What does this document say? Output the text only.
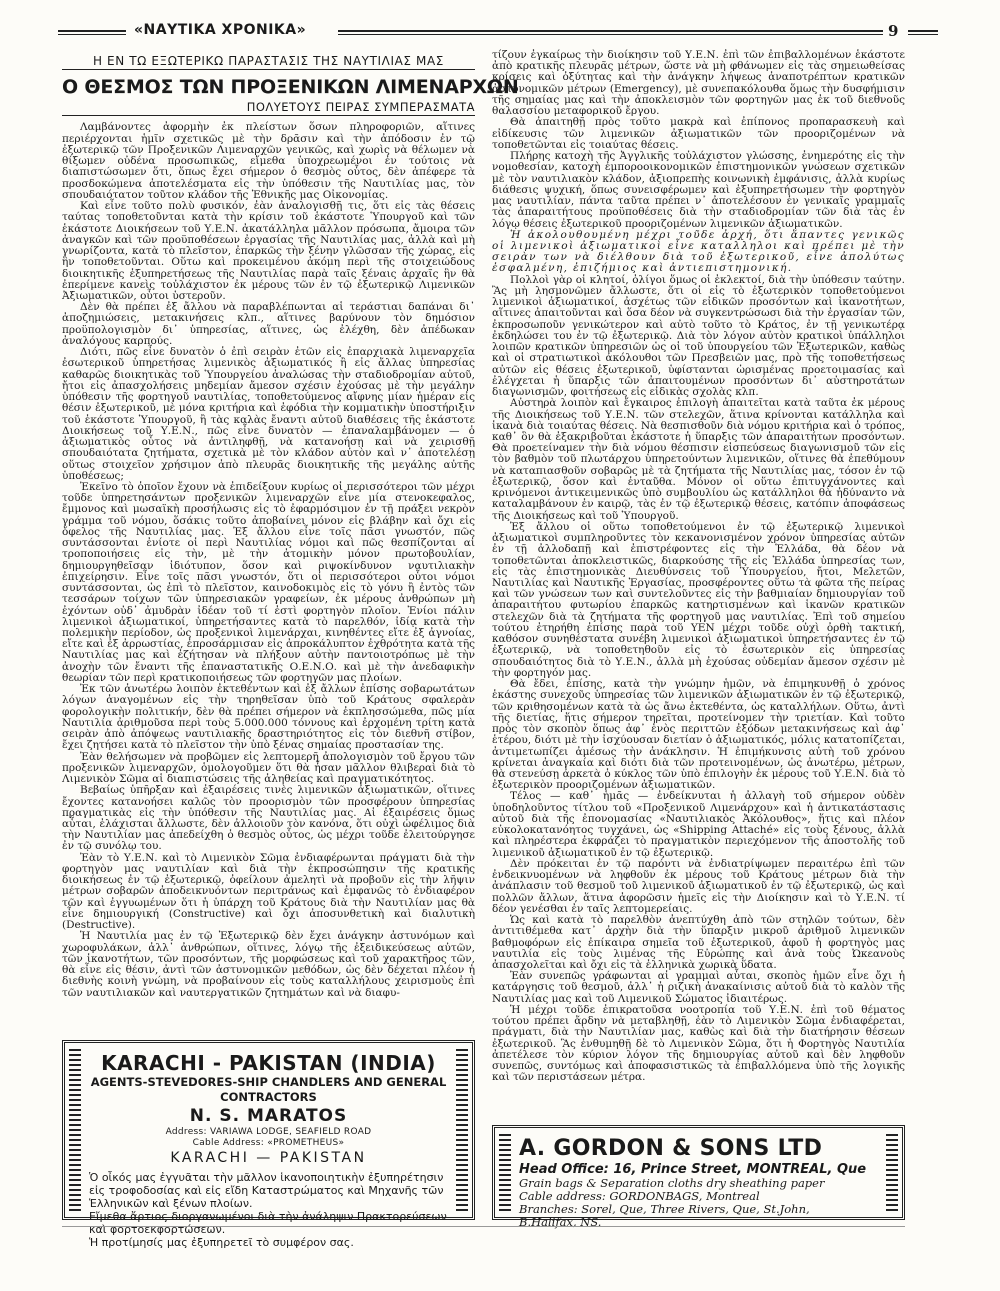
«ΝΑΥΤΙΚΑ ΧΡΟΝΙΚΑ»	9
Η ΕΝ ΤΩ ΕΞΩΤΕΡΙΚΩ ΠΑΡΑΣΤΑΣΙΣ ΤΗΣ ΝΑΥΤΙΛΙΑΣ ΜΑΣ
Ο ΘΕΣΜΟΣ ΤΩΝ ΠΡΟΞΕΝΙΚΩΝ ΛΙΜΕΝΑΡΧΩΝ
ΠΟΛΥΕΤΟΥΣ ΠΕΙΡΑΣ ΣΥΜΠΕΡΑΣΜΑΤΑ

Λαμβάνοντες ἀφορμὴν ἐκ πλείστων ὅσων πληροφοριῶν, αἵτινες περιέρχονται ἡμῖν σχετικῶς μὲ τὴν δρᾶσιν καὶ τὴν ἀπόδοσιν ἐν τῷ ἐξωτερικῷ τῶν Προξενικῶν Λιμεναρχῶν γενικῶς, καὶ χωρὶς νὰ θέλωμεν νὰ θίξωμεν οὐδένα προσωπικῶς, εἴμεθα ὑποχρεωμένοι ἐν τούτοις νὰ διαπιστώσωμεν ὅτι, ὅπως ἔχει σήμερον ὁ θεσμὸς οὗτος, δὲν ἀπέφερε τὰ προσδοκώμενα ἀποτελέσματα εἰς τὴν ὑπόθεσιν τῆς Ναυτιλίας μας, τὸν σπουδαιότατον τοῦτον κλάδον τῆς Ἐθνικῆς μας Οἰκονομίας.

Καὶ εἶνε τοῦτο πολὺ φυσικόν, ἐὰν ἀναλογισθῇ τις, ὅτι εἰς τὰς θέσεις ταύτας τοποθετοῦνται κατὰ τὴν κρίσιν τοῦ ἑκάστοτε Ὑπουργοῦ καὶ τῶν ἑκάστοτε Διοικήσεων τοῦ Υ.Ε.Ν. ἀκατάλληλα μᾶλλον πρόσωπα, ἄμοιρα τῶν ἀναγκῶν καὶ τῶν προϋποθέσεων ἐργασίας τῆς Ναυτιλίας μας, ἀλλὰ καὶ μὴ γνωρίζοντα, κατὰ τὸ πλεῖστον, ἐπαρκῶς τὴν ξένην γλῶσσαν τῆς χώρας, εἰς ἣν τοποθετοῦνται. Οὕτω καὶ προκειμένου ἀκόμη περὶ τῆς στοιχειώδους διοικητικῆς ἐξυπηρετήσεως τῆς Ναυτιλίας παρὰ ταῖς ξέναις ἀρχαῖς ἣν θὰ ἐπερίμενε κανεὶς τοὐλάχιστον ἐκ μέρους τῶν ἐν τῷ ἐξωτερικῷ Λιμενικῶν Ἀξιωματικῶν, οὗτοι ὑστεροῦν.

Δὲν θὰ πρέπει ἐξ ἄλλου νὰ παραβλέπωνται αἱ τεράστιαι δαπάναι δι᾽ ἀποζημιώσεις, μετακινήσεις κλπ., αἵτινες βαρύνουν τὸν δημόσιον προϋπολογισμὸν δι᾽ ὑπηρεσίας, αἵτινες, ὡς ἐλέχθη, δὲν ἀπέδωκαν ἀναλόγους καρπούς.

Διότι, πῶς εἶνε δυνατὸν ὁ ἐπὶ σειρὰν ἐτῶν εἰς ἐπαρχιακὰ λιμεναρχεῖα ἐσωτερικοῦ ὑπηρετήσας λιμενικὸς ἀξιωματικός ἢ εἰς ἄλλας ὑπηρεσίας καθαρῶς διοικητικὰς τοῦ Ὑπουργείου ἀναλώσας τὴν σταδιοδρομίαν αὐτοῦ, ἤτοι εἰς ἀπασχολήσεις μηδεμίαν ἄμεσον σχέσιν ἐχούσας μὲ τὴν μεγάλην ὑπόθεσιν τῆς φορτηγοῦ ναυτιλίας, τοποθετούμενος αἴφνης μίαν ἡμέραν εἰς θέσιν ἐξωτερικοῦ, μὲ μόνα κριτήρια καὶ ἐφόδια τὴν κομματικὴν ὑποστήριξιν τοῦ ἑκάστοτε Ὑπουργοῦ, ἢ τὰς καλὰς ἔναντι αὐτοῦ διαθέσεις τῆς ἑκάστοτε Διοικήσεως τοῦ Υ.Ε.Ν., πῶς εἶνε δυνατὸν — ἐπαναλαμβάνομεν — ὁ ἀξιωματικὸς οὗτος νὰ ἀντιληφθῇ, νὰ κατανοήσῃ καὶ νὰ χειρισθῇ σπουδαιότατα ζητήματα, σχετικὰ μὲ τὸν κλάδον αὐτὸν καὶ ν᾽ ἀποτελέσῃ οὕτως στοιχεῖον χρήσιμον ἀπὸ πλευρᾶς διοικητικῆς τῆς μεγάλης αὐτῆς ὑποθέσεως;

Ἐκεῖνο τὸ ὁποῖον ἔχουν νὰ ἐπιδείξουν κυρίως οἱ περισσότεροι τῶν μέχρι τοῦδε ὑπηρετησάντων προξενικῶν λιμεναρχῶν εἶνε μία στενοκεφαλος, ἔμμονος καὶ μωσαϊκὴ προσήλωσις εἰς τὸ ἐφαρμόσιμον ἐν τῇ πράξει νεκρὸν γράμμα τοῦ νόμου, ὅσάκις τοῦτο ἀποβαίνει μόνον εἰς βλάβην καὶ ὄχι εἰς ὄφελος τῆς Ναυτιλίας μας. Ἐξ ἄλλου εἶνε τοῖς πᾶσι γνωστόν, πῶς συντάσσονται ἐνίοτε οἱ περὶ Ναυτιλίας νόμοι καὶ πῶς θεσπίζονται αἱ τροποποιήσεις εἰς τὴν, μὲ τὴν ἀτομικὴν μόνον πρωτοβουλίαν, δημιουργηθεῖσαν ἰδιότυπον, ὅσον καὶ ριψοκίνδυνον ναυτιλιακὴν ἐπιχείρησιν. Εἶνε τοῖς πᾶσι γνωστόν, ὅτι οἱ περισσότεροι οὗτοι νόμοι συντάσσονται, ὡς ἐπὶ τὸ πλεῖστον, καινοδοκιμὸς εἰς τὸ γόνυ ἢ ἐντὸς τῶν τεσσάρων τοίχων τῶν ὑπηρεσιακῶν γραφείων, ἐκ μέρους ἀνθρώπων μὴ ἐχόντων οὐδ᾽ ἀμυδρὰν ἰδέαν τοῦ τί ἐστὶ φορτηγὸν πλοῖον. Ἐνίοι πάλιν λιμενικοὶ ἀξιωματικοί, ὑπηρετήσαντες κατὰ τὸ παρελθόν, ἰδίᾳ κατὰ τὴν πολεμικὴν περίοδον, ὡς προξενικοὶ λιμενάρχαι, κινηθέντες εἴτε ἐξ ἀγνοίας, εἴτε καὶ ἐξ ἀρρωστίας, ἐπροσάρμισαν εἰς ἀπροκάλυπτον ἐχθρότητα κατὰ τῆς Ναυτιλίας μας καὶ ἐζήτησαν νὰ πλήξουν αὐτὴν παντοιοτρόπως μὲ τὴν ἀνοχὴν τῶν ἔναντι τῆς ἐπαναστατικῆς Ο.Ε.Ν.Ο. καὶ μὲ τὴν ἀνεδαφικὴν θεωρίαν τῶν περὶ κρατικοποιήσεως τῶν φορτηγῶν μας πλοίων.

Ἐκ τῶν ἀνωτέρω λοιπὸν ἐκτεθέντων καὶ ἐξ ἄλλων ἐπίσης σοβαρωτάτων λόγων ἀναγομένων εἰς τὴν τηρηθεῖσαν ὑπὸ τοῦ Κράτους σφαλερὰν φορολογικὴν πολιτικήν, δὲν θὰ πρέπει σήμερον νὰ ἐκπλησσώμεθα, πῶς μία Ναυτιλία ἀριθμοῦσα περὶ τοὺς 5.000.000 τόννους καὶ ἐρχομένη τρίτη κατὰ σειρὰν ἀπὸ ἀπόψεως ναυτιλιακῆς δραστηριότητος εἰς τὸν διεθνῆ στίβον, ἔχει ζητήσει κατὰ τὸ πλεῖστον τὴν ὑπὸ ξένας σημαίας προστασίαν της.

Ἐὰν θελήσωμεν νὰ προβῶμεν εἰς λεπτομερῆ ἀπολογισμὸν τοῦ ἔργου τῶν προξενικῶν λιμεναρχῶν, ὁμολογοῦμεν ὅτι θὰ ἦσαν μᾶλλον θλιβεραὶ διὰ τὸ Λιμενικὸν Σῶμα αἱ διαπιστώσεις τῆς ἀληθείας καὶ πραγματικότητος.

Βεβαίως ὑπῆρξαν καὶ ἐξαιρέσεις τινὲς λιμενικῶν ἀξιωματικῶν, οἵτινες ἔχοντες κατανοήσει καλῶς τὸν προορισμὸν τῶν προσφέρουν ὑπηρεσίας πραγματικὰς εἰς τὴν ὑπόθεσιν τῆς Ναυτιλίας μας. Αἱ ἐξαιρέσεις ὅμως αὗται, ἐλάχισται ἄλλωστε, δὲν ἀλλοιοῦν τὸν κανόνα, ὅτι οὐχὶ ὠφέλιμος διὰ τὴν Ναυτιλίαν μας ἀπεδείχθη ὁ θεσμὸς οὗτος, ὡς μέχρι τοῦδε ἐλειτούργησε ἐν τῷ συνόλῳ του.

Ἐὰν τὸ Υ.Ε.Ν. καὶ τὸ Λιμενικὸν Σῶμα ἐνδιαφέρωνται πράγματι διὰ τὴν φορτηγὸν μας ναυτιλίαν καὶ διὰ τὴν ἐκπροσώπησιν τῆς κρατικῆς διοικήσεως ἐν τῷ ἐξωτερικῷ, ὀφείλουν ἀμελητὶ νὰ προβοῦν εἰς τὴν λῆψιν μέτρων σοβαρῶν ἀποδεικνυόντων περιτράνως καὶ ἐμφανῶς τὸ ἐνδιαφέρον τῶν καὶ ἐγγυωμένων ὅτι ἡ ὑπάρχη τοῦ Κράτους διὰ τὴν Ναυτιλίαν μας θὰ εἶνε δημιουργική (Constructive) καὶ ὄχι ἀποσυνθετικὴ καὶ διαλυτικὴ (Destructive).

Ἡ Ναυτιλία μας ἐν τῷ Ἐξωτερικῷ δὲν ἔχει ἀνάγκην ἀστυνόμων καὶ χωροφυλάκων, ἀλλ᾽ ἀνθρώπων, οἵτινες, λόγῳ τῆς ἐξειδικεύσεως αὐτῶν, τῶν ἱκανοτήτων, τῶν προσόντων, τῆς μορφώσεως καὶ τοῦ χαρακτῆρος τῶν, θὰ εἶνε εἰς θέσιν, ἀντὶ τῶν ἀστυνομικῶν μεθόδων, ὡς δὲν δέχεται πλέον ἡ διεθνὴς κοινὴ γνώμη, νὰ προβαίνουν εἰς τοὺς καταλλήλους χειρισμοὺς ἐπὶ τῶν ναυτιλιακῶν καὶ ναυτεργατικῶν ζητημάτων καὶ νὰ διαφυ-

τίζουν ἐγκαίρως τὴν διοίκησιν τοῦ Υ.Ε.Ν. ἐπὶ τῶν ἐπιβαλλομένων ἑκάστοτε ἀπὸ κρατικῆς πλευρᾶς μέτρων, ὥστε νὰ μὴ φθάνωμεν εἰς τὰς σημειωθείσας κρίσεις καὶ ὀξύτητας καὶ τὴν ἀνάγκην λήψεως ἀναποτρέπτων κρατικῶν ἀστυνομικῶν μέτρων (Emergency), μὲ συνεπακόλουθα ὅμως τὴν δυσφήμισιν τῆς σημαίας μας καὶ τὴν ἀποκλεισμὸν τῶν φορτηγῶν μας ἐκ τοῦ διεθνοῦς θαλασσίου μεταφορικοῦ ἔργου.

Θὰ ἀπαιτηθῇ πρὸς τοῦτο μακρὰ καὶ ἐπίπονος προπαρασκευὴ καὶ εἰδίκευσις τῶν λιμενικῶν ἀξιωματικῶν τῶν προοριζομένων νὰ τοποθετῶνται εἰς τοιαύτας θέσεις.

Πλήρης κατοχὴ τῆς Ἀγγλικῆς τοὐλάχιστον γλώσσης, ἐνημερότης εἰς τὴν νομοθεσίαν, κατοχὴ ἐμποροοικονομικῶν ἐπιστημονικῶν γνώσεων σχετικῶν μὲ τὸν ναυτιλιακὸν κλάδον, ἀξιοπρεπὴς κοινωνικὴ ἐμφάνισις, ἀλλὰ κυρίως διάθεσις ψυχική, ὅπως συνεισφέρωμεν καὶ ἐξυπηρετήσωμεν τὴν φορτηγὸν μας ναυτιλίαν, πάντα ταῦτα πρέπει ν᾽ ἀποτελέσουν ἐν γενικαῖς γραμμαῖς τὰς ἀπαραιτήτους προϋποθέσεις διὰ τὴν σταδιοδρομίαν τῶν διὰ τὰς ἐν λόγῳ θέσεις ἐξωτερικοῦ προοριζομένων λιμενικῶν ἀξιωματικῶν.

Ἡ ἀκολουθουμένη μέχρι τοῦδε ἀρχή, ὅτι ἅπαντες γενικῶς οἱ λιμενικοὶ ἀξιωματικοὶ εἶνε καταλληλοι καὶ πρέπει μὲ τὴν σειρὰν των νὰ διέλθουν διὰ τοῦ ἐξωτερικοῦ, εἶνε ἀπολύτως ἐσφαλμένη, ἐπιζήμιος καὶ ἀντιεπιστημονική.

Πολλοὶ γὰρ οἱ κλητοί, ὀλίγοι ὅμως οἱ ἐκλεκτοί, διὰ τὴν ὑπόθεσιν ταύτην. Ἂς μὴ λησμονῶμεν ἄλλωστε, ὅτι οἱ εἰς τὸ ἐξωτερικὸν τοποθετούμενοι λιμενικοὶ ἀξιωματικοί, ἀσχέτως τῶν εἰδικῶν προσόντων καὶ ἱκανοτήτων, αἵτινες ἀπαιτοῦνται καὶ ὅσα δέον νὰ συγκεντρώσωσι διὰ τὴν ἐργασίαν τῶν, ἐκπροσωποῦν γενικώτερον καὶ αὐτὸ τοῦτο τὸ Κράτος, ἐν τῇ γενικωτέρᾳ ἐκδηλώσει του ἐν τῷ ἐξωτερικῷ. Διὰ τὸν λόγον αὐτὸν κρατικοὶ ὑπάλληλοι λοιπῶν κρατικῶν ὑπηρεσιῶν ὡς οἱ τοῦ ὑπουργείου τῶν Ἐξωτερικῶν, καθὼς καὶ οἱ στρατιωτικοὶ ἀκόλουθοι τῶν Πρεσβειῶν μας, πρὸ τῆς τοποθετήσεως αὐτῶν εἰς θέσεις ἐξωτερικοῦ, ὑφίστανται ὡρισμένας προετοιμασίας καὶ ἐλέγχεται ἡ ὕπαρξις τῶν ἀπαιτουμένων προσόντων δι᾽ αὐστηροτάτων διαγωνισμῶν, φοιτήσεως εἰς εἰδικὰς σχολὰς κλπ.

Αὐστηρὰ λοιπὸν καὶ ἔγκαιρος ἐπιλογὴ ἀπαιτεῖται κατὰ ταῦτα ἐκ μέρους τῆς Διοικήσεως τοῦ Υ.Ε.Ν. τῶν στελεχῶν, ἅτινα κρίνονται κατάλληλα καὶ ἱκανὰ διὰ τοιαύτας θέσεις. Νὰ θεσπισθοῦν διὰ νόμου κριτήρια καὶ ὁ τρόπος, καθ᾽ ὃν θὰ ἐξακριβοῦται ἑκάστοτε ἡ ὕπαρξις τῶν ἀπαραιτήτων προσόντων. Θὰ προετείναμεν τὴν διὰ νόμου θέσπισιν εἰσπεύσεως διαγωνισμοῦ τῶν εἰς τὸν βαθμὸν τοῦ πλωτάρχου ὑπηρετούντων λιμενικῶν, οἵτινες θὰ ἐπεθύμουν νὰ καταπιασθοῦν σοβαρῶς μὲ τὰ ζητήματα τῆς Ναυτιλίας μας, τόσον ἐν τῷ ἐξωτερικῷ, ὅσον καὶ ἐνταῦθα. Μόνον οἱ οὕτω ἐπιτυγχάνοντες καὶ κρινόμενοι ἀντικειμενικῶς ὑπὸ συμβουλίου ὡς κατάλληλοι θὰ ἠδύναντο νὰ καταλαμβάνουν ἐν καιρῷ, τὰς ἐν τῷ ἐξωτερικῷ θέσεις, κατόπιν ἀποφάσεως τῆς Διοικήσεως καὶ τοῦ Ὑπουργοῦ.

Ἐξ ἄλλου οἱ οὕτω τοποθετούμενοι ἐν τῷ ἐξωτερικῷ λιμενικοὶ ἀξιωματικοὶ συμπληροῦντες τὸν κεκανονισμένον χρόνον ὑπηρεσίας αὐτῶν ἐν τῇ ἀλλοδαπῇ καὶ ἐπιστρέφοντες εἰς τὴν Ἑλλάδα, θὰ δέον νὰ τοποθετῶνται ἀποκλειστικῶς, διαρκούσης τῆς εἰς Ἑλλάδα ὑπηρεσίας των, εἰς τὰς ἐπιστημονικὰς Διευθύνσεις τοῦ Ὑπουργείου, ἤτοι, Μελετῶν, Ναυτιλίας καὶ Ναυτικῆς Ἐργασίας, προσφέροντες οὕτω τὰ φῶτα τῆς πείρας καὶ τῶν γνώσεων των καὶ συντελοῦντες εἰς τὴν βαθμιαίαν δημιουργίαν τοῦ ἀπαραιτήτου φυτωρίου ἐπαρκῶς κατηρτισμένων καὶ ἱκανῶν κρατικῶν στελεχῶν διὰ τὰ ζητήματα τῆς φορτηγοῦ μας ναυτιλίας. Ἐπὶ τοῦ σημείου τούτου ἐτηρήθη ἐπίσης παρὰ τοῦ ΥΕΝ μέχρι τοῦδε οὐχὶ ὀρθὴ τακτική, καθόσον συνηθέστατα συνέβη λιμενικοὶ ἀξιωματικοὶ ὑπηρετήσαντες ἐν τῷ ἐξωτερικῷ, νὰ τοποθετηθοῦν εἰς τὸ ἐσωτερικὸν εἰς ὑπηρεσίας σπουδαιότητος διὰ τὸ Υ.Ε.Ν., ἀλλὰ μὴ ἐχούσας οὐδεμίαν ἄμεσον σχέσιν μὲ τὴν φορτηγόν μας.

Θὰ ἔδει, ἐπίσης, κατὰ τὴν γνώμην ἡμῶν, νὰ ἐπιμηκυνθῇ ὁ χρόνος ἑκάστης συνεχοῦς ὑπηρεσίας τῶν λιμενικῶν ἀξιωματικῶν ἐν τῷ ἐξωτερικῷ, τῶν κριθησομένων κατὰ τὰ ὡς ἄνω ἐκτεθέντα, ὡς καταλλήλων. Οὕτω, ἀντὶ τῆς διετίας, ἥτις σήμερον τηρεῖται, προτείνομεν τὴν τριετίαν. Καὶ τοῦτο πρὸς τὸν σκοπὸν ὅπως ἀφ᾽ ἑνὸς περιττῶν ἐξόδων μετακινήσεως καὶ ἀφ᾽ ἑτέρου, διότι μὲ τὴν ἰσχύουσαν διετίαν ὁ ἀξιωματικός, μόλις κατατοπίζεται, ἀντιμετωπίζει ἀμέσως τὴν ἀνάκλησιν. Ἡ ἐπιμήκυνσις αὐτὴ τοῦ χρόνου κρίνεται ἀναγκαία καὶ διότι διὰ τῶν προτεινομένων, ὡς ἀνωτέρω, μέτρων, θὰ στενεύσῃ ἀρκετὰ ὁ κύκλος τῶν ὑπὸ ἐπιλογὴν ἐκ μέρους τοῦ Υ.Ε.Ν. διὰ τὸ ἐξωτερικὸν προοριζομένων ἀξιωματικῶν.

Τέλος — καθ᾽ ἡμᾶς — ἐνδείκνυται ἡ ἀλλαγὴ τοῦ σήμερον οὐδὲν ὑποδηλοῦντος τίτλου τοῦ «Προξενικοῦ Λιμενάρχου» καὶ ἡ ἀντικατάστασις αὐτοῦ διὰ τῆς ἐπονομασίας «Ναυτιλιακὸς Ἀκόλουθος», ἥτις καὶ πλέον εὐκολοκατανόητος τυγχάνει, ὡς «Shipping Attaché» εἰς τοὺς ξένους, ἀλλὰ καὶ πληρέστερα ἐκφράζει τὸ πραγματικὸν περιεχόμενον τῆς ἀποστολῆς τοῦ λιμενικοῦ ἀξιωματικοῦ ἐν τῷ ἐξωτερικῷ.

Δὲν πρόκειται ἐν τῷ παρόντι νὰ ἐνδιατρίψωμεν περαιτέρω ἐπὶ τῶν ἐνδεικνυομένων νὰ ληφθοῦν ἐκ μέρους τοῦ Κράτους μέτρων διὰ τὴν ἀνάπλασιν τοῦ θεσμοῦ τοῦ λιμενικοῦ ἀξιωματικοῦ ἐν τῷ ἐξωτερικῷ, ὡς καὶ πολλῶν ἄλλων, ἅτινα ἀφορῶσιν ἡμεῖς εἰς τὴν Διοίκησιν καὶ τὸ Υ.Ε.Ν. τί δέον γενέσθαι ἐν ταῖς λεπτομερείαις.

Ὡς καὶ κατὰ τὸ παρελθὸν ἀνεπτύχθη ἀπὸ τῶν στηλῶν τούτων, δὲν ἀντιτιθέμεθα κατ᾽ ἀρχὴν διὰ τὴν ὕπαρξιν μικροῦ ἀριθμοῦ λιμενικῶν βαθμοφόρων εἰς ἐπίκαιρα σημεῖα τοῦ ἐξωτερικοῦ, ἀφοῦ ἡ φορτηγὸς μας ναυτιλία εἰς τοὺς λιμένας τῆς Εὐρώπης καὶ ἀνὰ τοὺς Ὠκεανοὺς ἀπασχολεῖται καὶ ὄχι εἰς τὰ ἑλληνικὰ χωρικὰ ὕδατα.

Ἐὰν συνεπῶς γράφωνται αἱ γραμμαὶ αὗται, σκοπὸς ἡμῶν εἶνε ὄχι ἡ κατάργησις τοῦ θεσμοῦ, ἀλλ᾽ ἡ ριζικὴ ἀνακαίνισις αὐτοῦ διὰ τὸ καλὸν τῆς Ναυτιλίας μας καὶ τοῦ Λιμενικοῦ Σώματος ἰδιαιτέρως.

Ἡ μέχρι τοῦδε ἐπικρατοῦσα νοοτροπία τοῦ Υ.Ε.Ν. ἐπὶ τοῦ θέματος τούτου πρέπει ἄρδην νὰ μεταβληθῇ, ἐὰν τὸ Λιμενικὸν Σῶμα ἐνδιαφέρεται, πράγματι, διὰ τὴν Ναυτιλίαν μας, καθὼς καὶ διὰ τὴν διατήρησιν θέσεων ἐξωτερικοῦ. Ἂς ἐνθυμηθῇ δὲ τὸ Λιμενικὸν Σῶμα, ὅτι ἡ Φορτηγὸς Ναυτιλία ἀπετέλεσε τὸν κύριον λόγον τῆς δημιουργίας αὐτοῦ καὶ δὲν ληφθοῦν συνεπῶς, συντόμως καὶ ἀποφασιστικῶς τὰ ἐπιβαλλόμενα ὑπὸ τῆς λογικῆς καὶ τῶν περιστάσεων μέτρα.

KARACHI - PAKISTAN (INDIA)
AGENTS-STEVEDORES-SHIP CHANDLERS AND GENERAL CONTRACTORS
N. S. MARATOS
Address: VARIAWA LODGE, SEAFIELD ROAD
Cable Address: «PROMETHEUS»
KARACHI — PAKISTAN
Ὁ οἶκός μας ἐγγυᾶται τὴν μᾶλλον ἱκανοποιητικὴν ἐξυπηρέτησιν εἰς τροφοδοσίας καὶ εἰς εἴδη Καταστρώματος καὶ Μηχανῆς τῶν Ἑλληνικῶν καὶ ξένων πλοίων.
Εἴμεθα ἄρτιος διοργανωμένοι διὰ τὴν ἀνάληψιν Πρακτορεύσεων καὶ φορτοεκφορτώσεων.
Ἡ προτίμησίς μας ἐξυπηρετεῖ τὸ συμφέρον σας.
A. GORDON & SONS LTD
Head Office: 16, Prince Street, MONTREAL, Que
Grain bags & Separation cloths dry sheathing paper
Cable address: GORDONBAGS, Montreal
Branches: Sorel, Que, Three Rivers, Que, St.John,
B.Halifax, NS.
